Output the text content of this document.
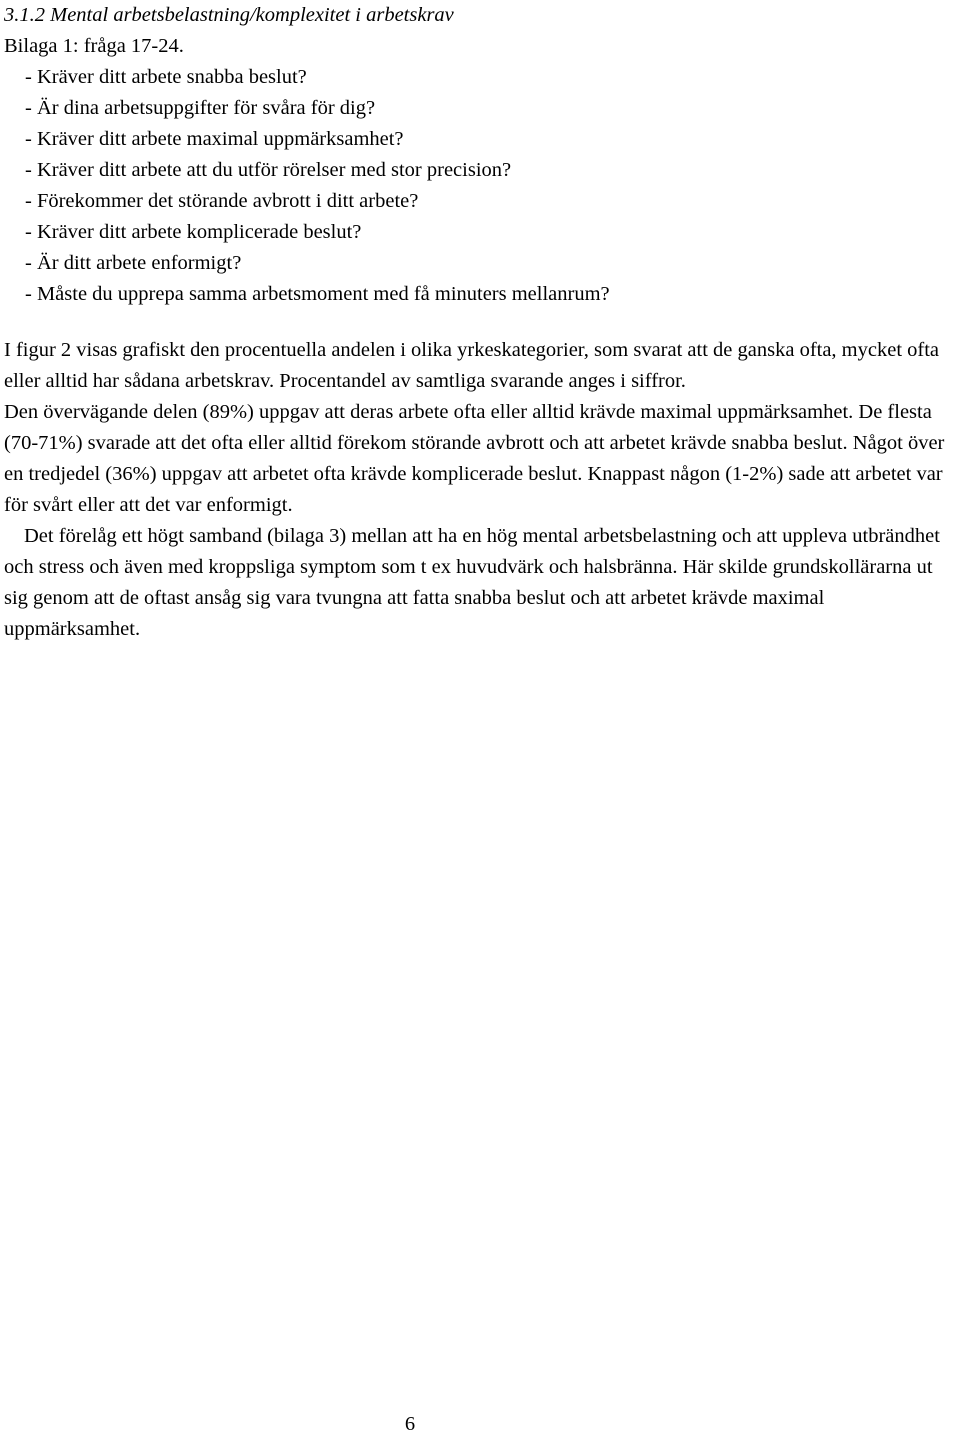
3.1.2 Mental arbetsbelastning/komplexitet i arbetskrav

Bilaga 1: fråga 17-24.

- Kräver ditt arbete snabba beslut?
- Är dina arbetsuppgifter för svåra för dig?
- Kräver ditt arbete maximal uppmärksamhet?
- Kräver ditt arbete att du utför rörelser med stor precision?
- Förekommer det störande avbrott i ditt arbete?
- Kräver ditt arbete komplicerade beslut?
- Är ditt arbete enformigt?
- Måste du upprepa samma arbetsmoment med få minuters mellanrum?

I figur 2 visas grafiskt den procentuella andelen i olika yrkeskategorier, som svarat att de ganska ofta, mycket ofta eller alltid har sådana arbetskrav. Procentandel av samtliga svarande anges i siffror.

Den övervägande delen (89%) uppgav att deras arbete ofta eller alltid krävde maximal uppmärksamhet. De flesta (70-71%) svarade att det ofta eller alltid förekom störande avbrott och att arbetet krävde snabba beslut. Något över en tredjedel (36%) uppgav att arbetet ofta krävde komplicerade beslut. Knappast någon (1-2%) sade att arbetet var för svårt eller att det var enformigt.

Det förelåg ett högt samband (bilaga 3) mellan att ha en hög mental arbetsbelastning och att uppleva utbrändhet och stress och även med kroppsliga symptom som t ex huvudvärk och halsbränna. Här skilde grundskollärarna ut sig genom att de oftast ansåg sig vara tvungna att fatta snabba beslut och att arbetet krävde maximal uppmärksamhet.

6
